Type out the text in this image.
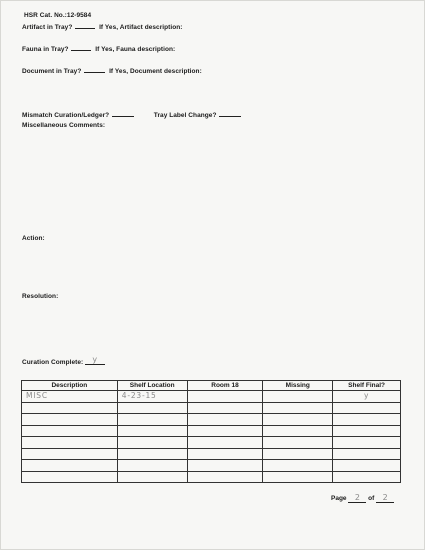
HSR Cat. No.:12-9584
Artifact in Tray?	If Yes, Artifact description:
Fauna in Tray?	If Yes, Fauna description:
Document in Tray?	If Yes, Document description:
Mismatch Curation/Ledger?	Tray Label Change?
Miscellaneous Comments:
Action:
Resolution:
Curation Complete: y
Description	Shelf Location	Room 18	Missing	Shelf Final?

MISC	4-23-15			y

Page 2 of 2
